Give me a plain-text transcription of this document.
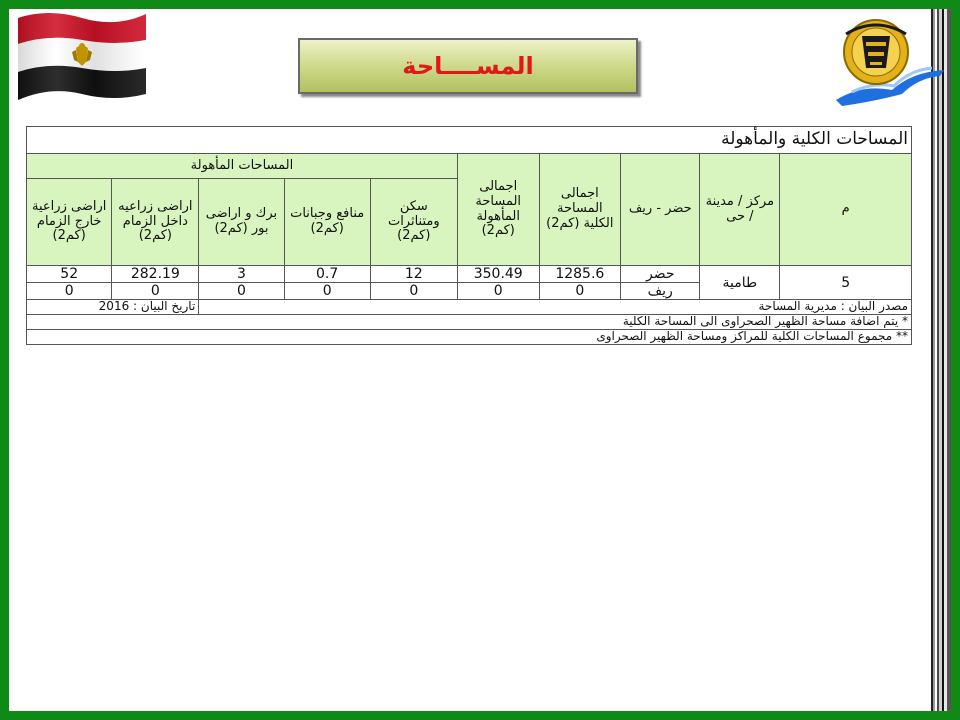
المســــاحة
المساحات الكلية والمأهولة									
م	مركز / مدينة / حى	حضر - ريف	اجمالى المساحة الكلية (كم2)	اجمالى المساحة المأهولة (كم2)	المساحات المأهولة				
					سكن ومتناثرات (كم2)	منافع وجبانات (كم2)	برك و اراضى بور (كم2)	اراضى زراعيه داخل الزمام (كم2)	اراضى زراعية خارج الزمام (كم2)
5	طامية	حضر	1285.6	350.49	12	0.7	3	282.19	52
		ريف	0	0	0	0	0	0	0
مصدر البيان : مديرية المساحة								تاريخ البيان : 2016	
* يتم اضافة مساحة الظهير الصحراوى الى المساحة الكلية									
** مجموع المساحات الكلية للمراكز ومساحة الظهير الصحراوى									
